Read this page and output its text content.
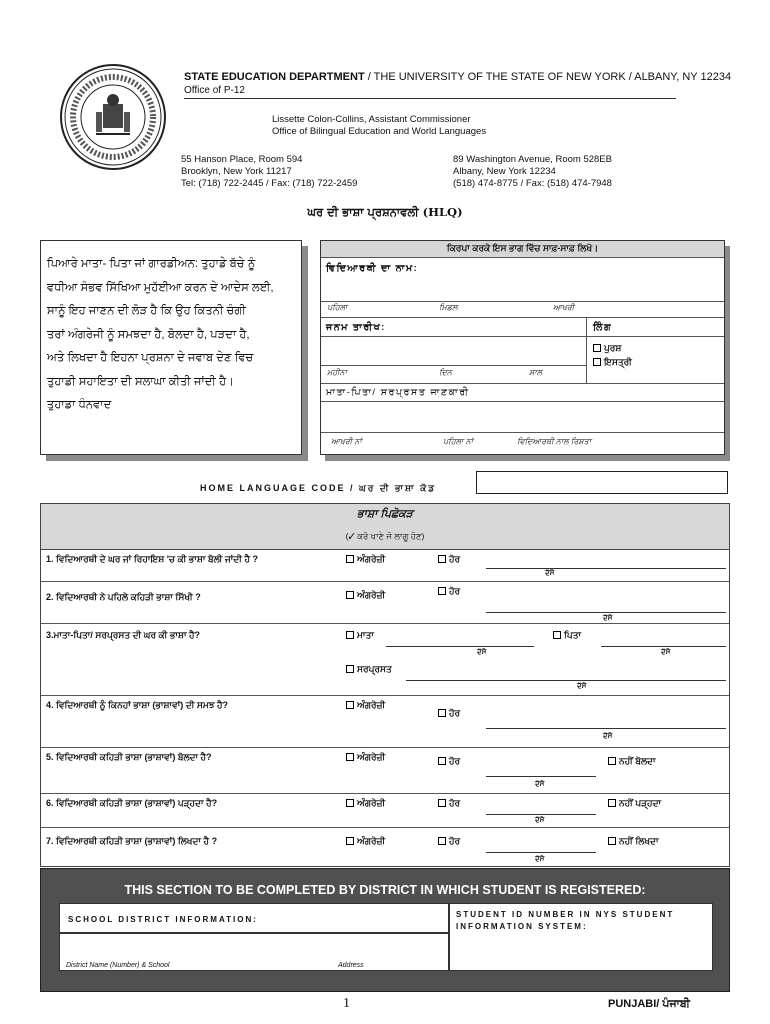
STATE EDUCATION DEPARTMENT / THE UNIVERSITY OF THE STATE OF NEW YORK / ALBANY, NY 12234
Office of P-12
Lissette Colon-Collins, Assistant Commissioner
Office of Bilingual Education and World Languages
55 Hanson Place, Room 594
Brooklyn, New York 11217
Tel: (718) 722-2445 / Fax: (718) 722-2459
89 Washington Avenue, Room 528EB
Albany, New York 12234
(518) 474-8775 / Fax: (518) 474-7948
ਘਰ ਦੀ ਭਾਸ਼ਾ ਪ੍ਰਸ਼ਨਾਵਲੀ (HLQ)
ਪਿਆਰੇ ਮਾਤਾ- ਪਿਤਾ ਜਾਂ ਗਾਰਡੀਅਨ: ਤੁਹਾਡੇ ਬੱਚੇ ਨੂੰ
ਵਧੀਆ ਸੰਭਵ ਸਿੱਖਿਆ ਮੁਹੱਈਆ ਕਰਨ ਦੇ ਆਦੇਸ ਲਈ,
ਸਾਨੂੰ ਇਹ ਜਾਣਨ ਦੀ ਲੋੜ ਹੈ ਕਿ ਉਹ ਕਿਤਨੀ ਚੰਗੀ
ਤਰਾਂ ਅੰਗਰੇਜੀ ਨੂੰ ਸਮਝਦਾ ਹੈ, ਬੋਲਦਾ ਹੈ, ਪੜਦਾ ਹੈ,
ਅਤੇ ਲਿਖਦਾ ਹੈ ਇਹਨਾ ਪ੍ਰਸ਼ਨਾ ਦੇ ਜਵਾਬ ਦੇਣ ਵਿਚ
ਤੁਹਾਡੀ ਸਹਾਇਤਾ ਦੀ ਸਲਾਘਾ ਕੀਤੀ ਜਾਂਦੀ ਹੈ।
ਤੁਹਾਡਾ ਧੰਨਵਾਦ
ਕਿਰਪਾ ਕਰਕੇ ਇਸ ਭਾਗ ਵਿੱਚ ਸਾਫ਼-ਸਾਫ਼ ਲਿਖੋ।
ਵਿਦਿਆਰਥੀ ਦਾ ਨਾਮ:
ਪਹਿਲਾ	ਮਿਡਲ	ਆਖਰੀ
ਜਨਮ ਤਾਰੀਖ:	ਲਿੰਗ
ਪੁਰਸ਼
ਇਸਤ੍ਰੀ
ਮਹੀਨਾ	ਦਿਨ	ਸਾਲ
ਮਾਤਾ-ਪਿਤਾ/ ਸਰਪ੍ਰਸਤ ਜਾਣਕਾਰੀ
ਆਖਰੀ ਨਾਂ	ਪਹਿਲਾ ਨਾਂ	ਵਿਦਿਆਰਥੀ ਨਾਲ ਰਿਸ਼ਤਾ
HOME LANGUAGE CODE / ਘਰ ਦੀ ਭਾਸ਼ਾ ਕੋਡ
ਭਾਸ਼ਾ ਪਿਛੋਕੜ
(✓ ਕਰੋ ਖਾਣੇ ਜੋ ਲਾਗੂ ਹੋਣ)
1. ਵਿਦਿਆਰਥੀ ਦੇ ਘਰ ਜਾਂ ਰਿਹਾਇਸ਼ 'ਚ ਕੀ ਭਾਸ਼ਾ ਬੋਲੀ ਜਾਂਦੀ ਹੈ ?	ਅੰਗਰੇਜ਼ੀ	ਹੋਰ
ਦੱਸੋ
2. ਵਿਦਿਆਰਥੀ ਨੇ ਪਹਿਲੇ ਕਹਿੜੀ ਭਾਸ਼ਾ ਸਿੱਖੀ ?	ਅੰਗਰੇਜ਼ੀ	ਹੋਰ
ਦੱਸੋ
3.ਮਾਤਾ-ਪਿਤਾ/ ਸਰਪ੍ਰਸਤ ਦੀ ਘਰ ਕੀ ਭਾਸ਼ਾ ਹੈ?	ਮਾਤਾ
ਦੱਸੋ
ਪਿਤਾ
ਦੱਸੋ
ਸਰਪ੍ਰਸਤ
ਦੱਸੋ
4. ਵਿਦਿਆਰਥੀ ਨੂੰ ਕਿਨਹਾਂ ਭਾਸ਼ਾ (ਭਾਸ਼ਾਵਾਂ) ਦੀ ਸਮਝ ਹੈ?	ਅੰਗਰੇਜ਼ੀ
ਹੋਰ
ਦੱਸੋ
5. ਵਿਦਿਆਰਥੀ ਕਹਿੜੀ ਭਾਸ਼ਾ (ਭਾਸ਼ਾਵਾਂ) ਬੋਲਦਾ ਹੈ?	ਅੰਗਰੇਜ਼ੀ	ਹੋਰ
ਦੱਸੋ
ਨਹੀਂ ਬੋਲਦਾ
6. ਵਿਦਿਆਰਥੀ ਕਹਿੜੀ ਭਾਸ਼ਾ (ਭਾਸ਼ਾਵਾਂ) ਪੜ੍ਹਦਾ ਹੈ?	ਅੰਗਰੇਜ਼ੀ	ਹੋਰ
ਦੱਸੋ
ਨਹੀਂ ਪੜ੍ਹਦਾ
7. ਵਿਦਿਆਰਥੀ ਕਹਿੜੀ ਭਾਸ਼ਾ (ਭਾਸ਼ਾਵਾਂ) ਲਿਖਦਾ ਹੈ ?	ਅੰਗਰੇਜ਼ੀ	ਹੋਰ
ਦੱਸੋ
ਨਹੀਂ ਲਿਖਦਾ
THIS SECTION TO BE COMPLETED BY DISTRICT IN WHICH STUDENT IS REGISTERED:
SCHOOL DISTRICT INFORMATION:
STUDENT ID NUMBER IN NYS STUDENT INFORMATION SYSTEM:
District Name (Number) & School	Address
1	PUNJABI/ ਪੰਜਾਬੀ
